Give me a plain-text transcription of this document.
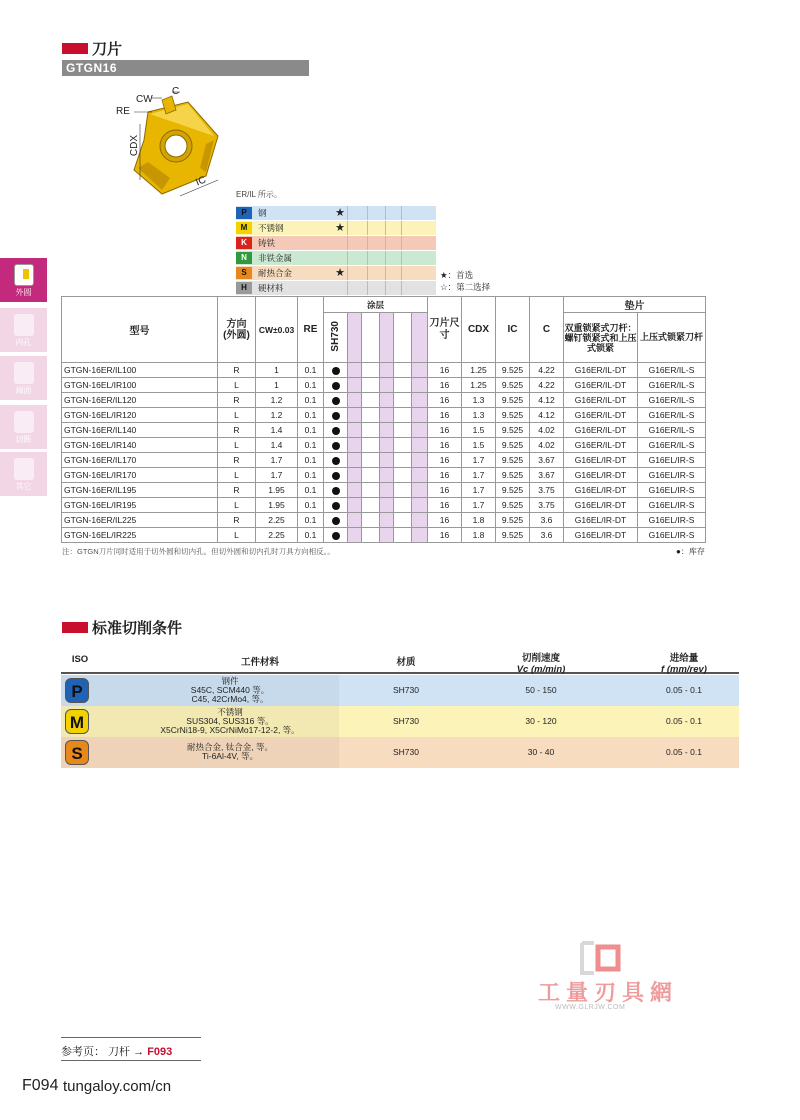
刀片
GTGN16
外圆
内孔
端面
切断
其它
RE
CW
C
CDX
IC
ER/IL 所示。
P	钢	★
M	不锈钢	★
K	铸铁
N	非铁金属
S	耐热合金	★
H	硬材料
★：首选
☆：第二选择
型号	方向
(外圆)	CW±0.03	RE	涂层						刀片尺寸	CDX	IC	C	垫片	
				SH730										双重锁紧式刀杆：螺钉锁紧式和上压式锁紧	上压式锁紧刀杆
GTGN-16ER/IL100	R	1	0.1							16	1.25	9.525	4.22	G16ER/IL-DT	G16ER/IL-S
GTGN-16EL/IR100	L	1	0.1							16	1.25	9.525	4.22	G16ER/IL-DT	G16ER/IL-S
GTGN-16ER/IL120	R	1.2	0.1							16	1.3	9.525	4.12	G16ER/IL-DT	G16ER/IL-S
GTGN-16EL/IR120	L	1.2	0.1							16	1.3	9.525	4.12	G16ER/IL-DT	G16ER/IL-S
GTGN-16ER/IL140	R	1.4	0.1							16	1.5	9.525	4.02	G16ER/IL-DT	G16ER/IL-S
GTGN-16EL/IR140	L	1.4	0.1							16	1.5	9.525	4.02	G16ER/IL-DT	G16ER/IL-S
GTGN-16ER/IL170	R	1.7	0.1							16	1.7	9.525	3.67	G16EL/IR-DT	G16EL/IR-S
GTGN-16EL/IR170	L	1.7	0.1							16	1.7	9.525	3.67	G16EL/IR-DT	G16EL/IR-S
GTGN-16ER/IL195	R	1.95	0.1							16	1.7	9.525	3.75	G16EL/IR-DT	G16EL/IR-S
GTGN-16EL/IR195	L	1.95	0.1							16	1.7	9.525	3.75	G16EL/IR-DT	G16EL/IR-S
GTGN-16ER/IL225	R	2.25	0.1							16	1.8	9.525	3.6	G16EL/IR-DT	G16EL/IR-S
GTGN-16EL/IR225	L	2.25	0.1							16	1.8	9.525	3.6	G16EL/IR-DT	G16EL/IR-S
注：GTGN刀片同时适用于切外圆和切内孔。但切外圆和切内孔时刀具方向相反。。	●：库存
标准切削条件
ISO	工件材料	材质	切削速度
Vc (m/min)
进给量
f (mm/rev)
P
钢件
S45C, SCM440 等。
C45, 42CrMo4, 等。
SH730	50 - 150	0.05 - 0.1
M
不锈钢
SUS304, SUS316 等。
X5CrNi18-9, X5CrNiMo17-12-2, 等。
SH730	30 - 120	0.05 - 0.1
S	耐热合金, 钛合金, 等。
Ti-6Al-4V, 等。	SH730	30 - 40	0.05 - 0.1
工量刃具網
WWW.GLRJW.COM
参考页： 刀杆 → F093
F094 tungaloy.com/cn
